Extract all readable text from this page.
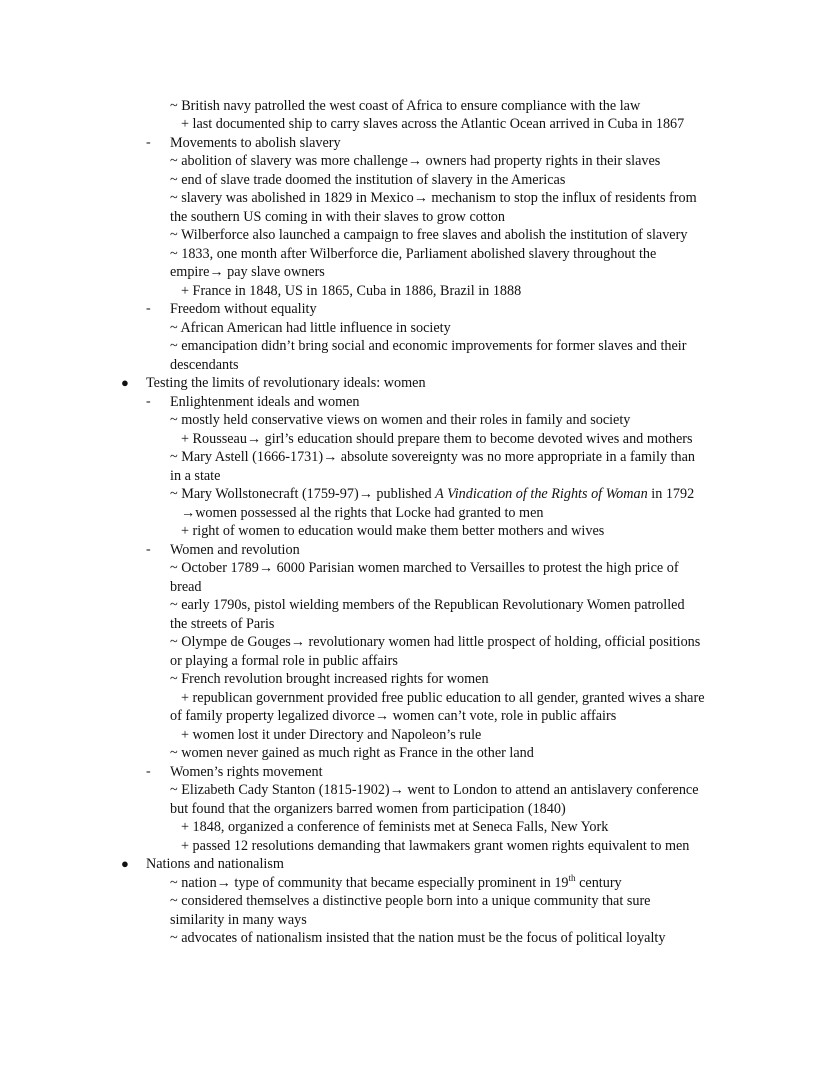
~ British navy patrolled the west coast of Africa to ensure compliance with the law
+ last documented ship to carry slaves across the Atlantic Ocean arrived in Cuba in 1867
- Movements to abolish slavery
~ abolition of slavery was more challenge→ owners had property rights in their slaves
~ end of slave trade doomed the institution of slavery in the Americas
~ slavery was abolished in 1829 in Mexico→ mechanism to stop the influx of residents from
the southern US coming in with their slaves to grow cotton
~ Wilberforce also launched a campaign to free slaves and abolish the institution of slavery
~ 1833, one month after Wilberforce die, Parliament abolished slavery throughout the
empire→ pay slave owners
+ France in 1848, US in 1865, Cuba in 1886, Brazil in 1888
- Freedom without equality
~ African American had little influence in society
~ emancipation didn’t bring social and economic improvements for former slaves and their
descendants
● Testing the limits of revolutionary ideals: women
- Enlightenment ideals and women
~ mostly held conservative views on women and their roles in family and society
+ Rousseau→ girl’s education should prepare them to become devoted wives and mothers
~ Mary Astell (1666-1731)→ absolute sovereignty was no more appropriate in a family than
in a state
~ Mary Wollstonecraft (1759-97)→ published A Vindication of the Rights of Woman in 1792
→women possessed al the rights that Locke had granted to men
+ right of women to education would make them better mothers and wives
- Women and revolution
~ October 1789→ 6000 Parisian women marched to Versailles to protest the high price of
bread
~ early 1790s, pistol wielding members of the Republican Revolutionary Women patrolled
the streets of Paris
~ Olympe de Gouges→ revolutionary women had little prospect of holding, official positions
or playing a formal role in public affairs
~ French revolution brought increased rights for women
+ republican government provided free public education to all gender, granted wives a share
of family property legalized divorce→ women can’t vote, role in public affairs
+ women lost it under Directory and Napoleon’s rule
~ women never gained as much right as France in the other land
- Women’s rights movement
~ Elizabeth Cady Stanton (1815-1902)→ went to London to attend an antislavery conference
but found that the organizers barred women from participation (1840)
+ 1848, organized a conference of feminists met at Seneca Falls, New York
+ passed 12 resolutions demanding that lawmakers grant women rights equivalent to men
● Nations and nationalism
~ nation→ type of community that became especially prominent in 19th century
~ considered themselves a distinctive people born into a unique community that sure
similarity in many ways
~ advocates of nationalism insisted that the nation must be the focus of political loyalty
